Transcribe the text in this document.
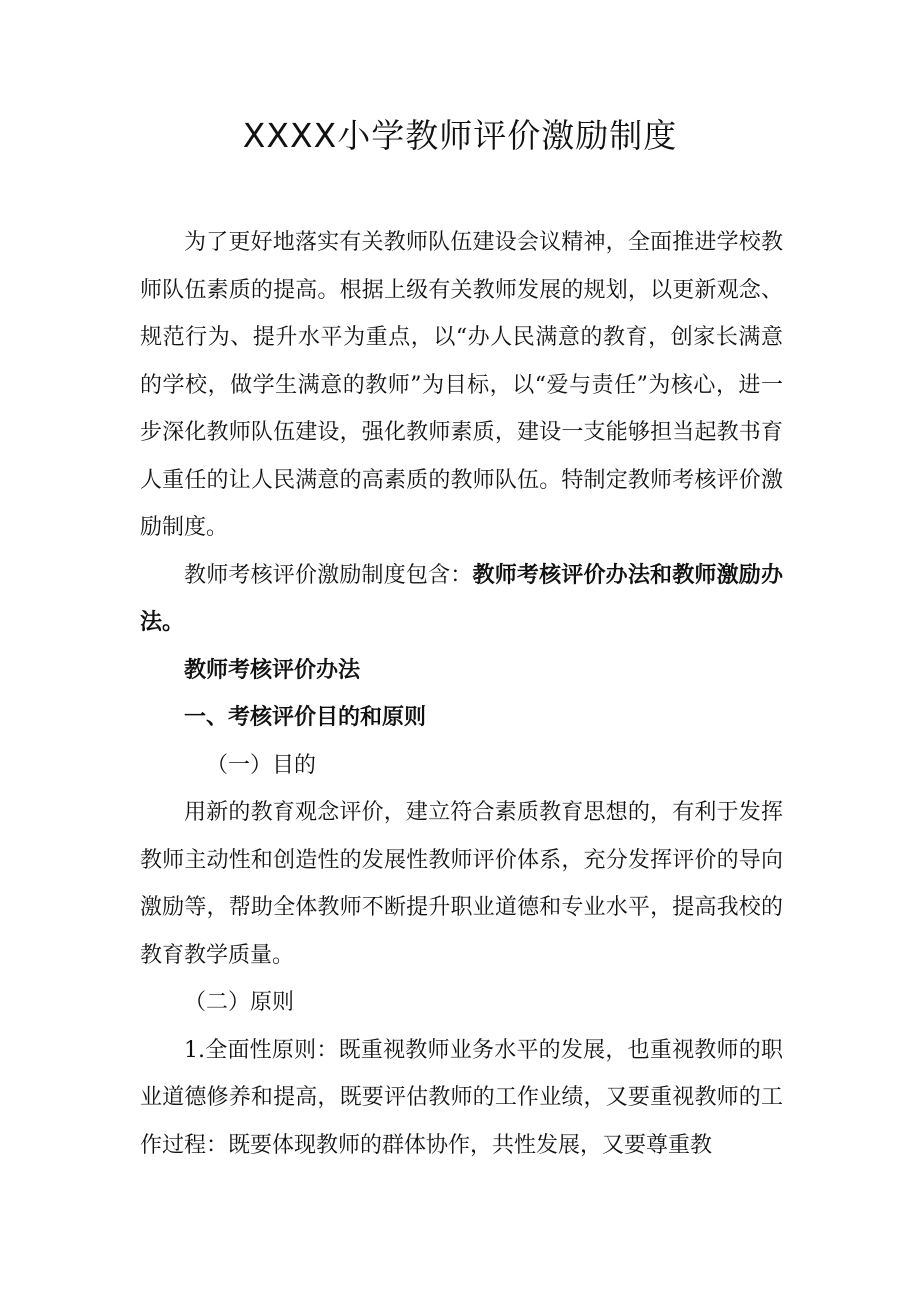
XXXX小学教师评价激励制度

为了更好地落实有关教师队伍建设会议精神，全面推进学校教师队伍素质的提高。根据上级有关教师发展的规划，以更新观念、规范行为、提升水平为重点，以“办人民满意的教育，创家长满意的学校，做学生满意的教师”为目标，以“爱与责任”为核心，进一步深化教师队伍建设，强化教师素质，建设一支能够担当起教书育人重任的让人民满意的高素质的教师队伍。特制定教师考核评价激励制度。

教师考核评价激励制度包含：教师考核评价办法和教师激励办法。

教师考核评价办法

一、考核评价目的和原则

（一）目的

用新的教育观念评价，建立符合素质教育思想的，有利于发挥教师主动性和创造性的发展性教师评价体系，充分发挥评价的导向激励等，帮助全体教师不断提升职业道德和专业水平，提高我校的教育教学质量。

（二）原则

1.全面性原则：既重视教师业务水平的发展，也重视教师的职业道德修养和提高，既要评估教师的工作业绩，又要重视教师的工作过程：既要体现教师的群体协作，共性发展，又要尊重教
